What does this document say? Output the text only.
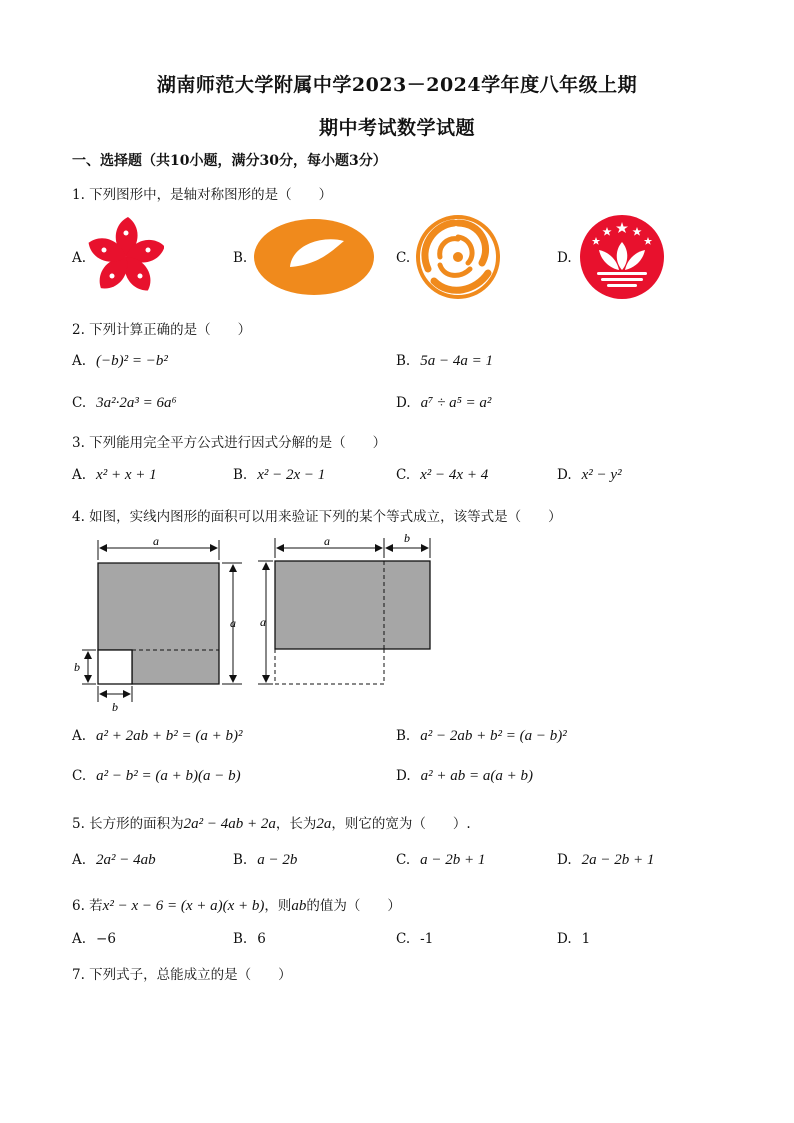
湖南师范大学附属中学2023－2024学年度八年级上期
期中考试数学试题
一、选择题（共10小题，满分30分，每小题3分）
1. 下列图形中，是轴对称图形的是（　　）
A.	B.	C.	D.
2. 下列计算正确的是（　　）
A. (−b)² = −b²	B. 5a − 4a = 1
C. 3a²·2a³ = 6a⁶	D. a⁷ ÷ a⁵ = a²
3. 下列能用完全平方公式进行因式分解的是（　　）
A. x² + x + 1	B. x² − 2x − 1	C. x² − 4x + 4	D. x² − y²
4. 如图，实线内图形的面积可以用来验证下列的某个等式成立，该等式是（　　）
a
a
b
b
a	b
a
A. a² + 2ab + b² = (a + b)²	B. a² − 2ab + b² = (a − b)²
C. a² − b² = (a + b)(a − b)	D. a² + ab = a(a + b)
5. 长方形的面积为2a² − 4ab + 2a，长为2a，则它的宽为（　　）.
A. 2a² − 4ab	B. a − 2b	C. a − 2b + 1	D. 2a − 2b + 1
6. 若x² − x − 6 = (x + a)(x + b)，则ab的值为（　　）
A. −6	B. 6	C. -1	D. 1
7. 下列式子，总能成立的是（　　）
